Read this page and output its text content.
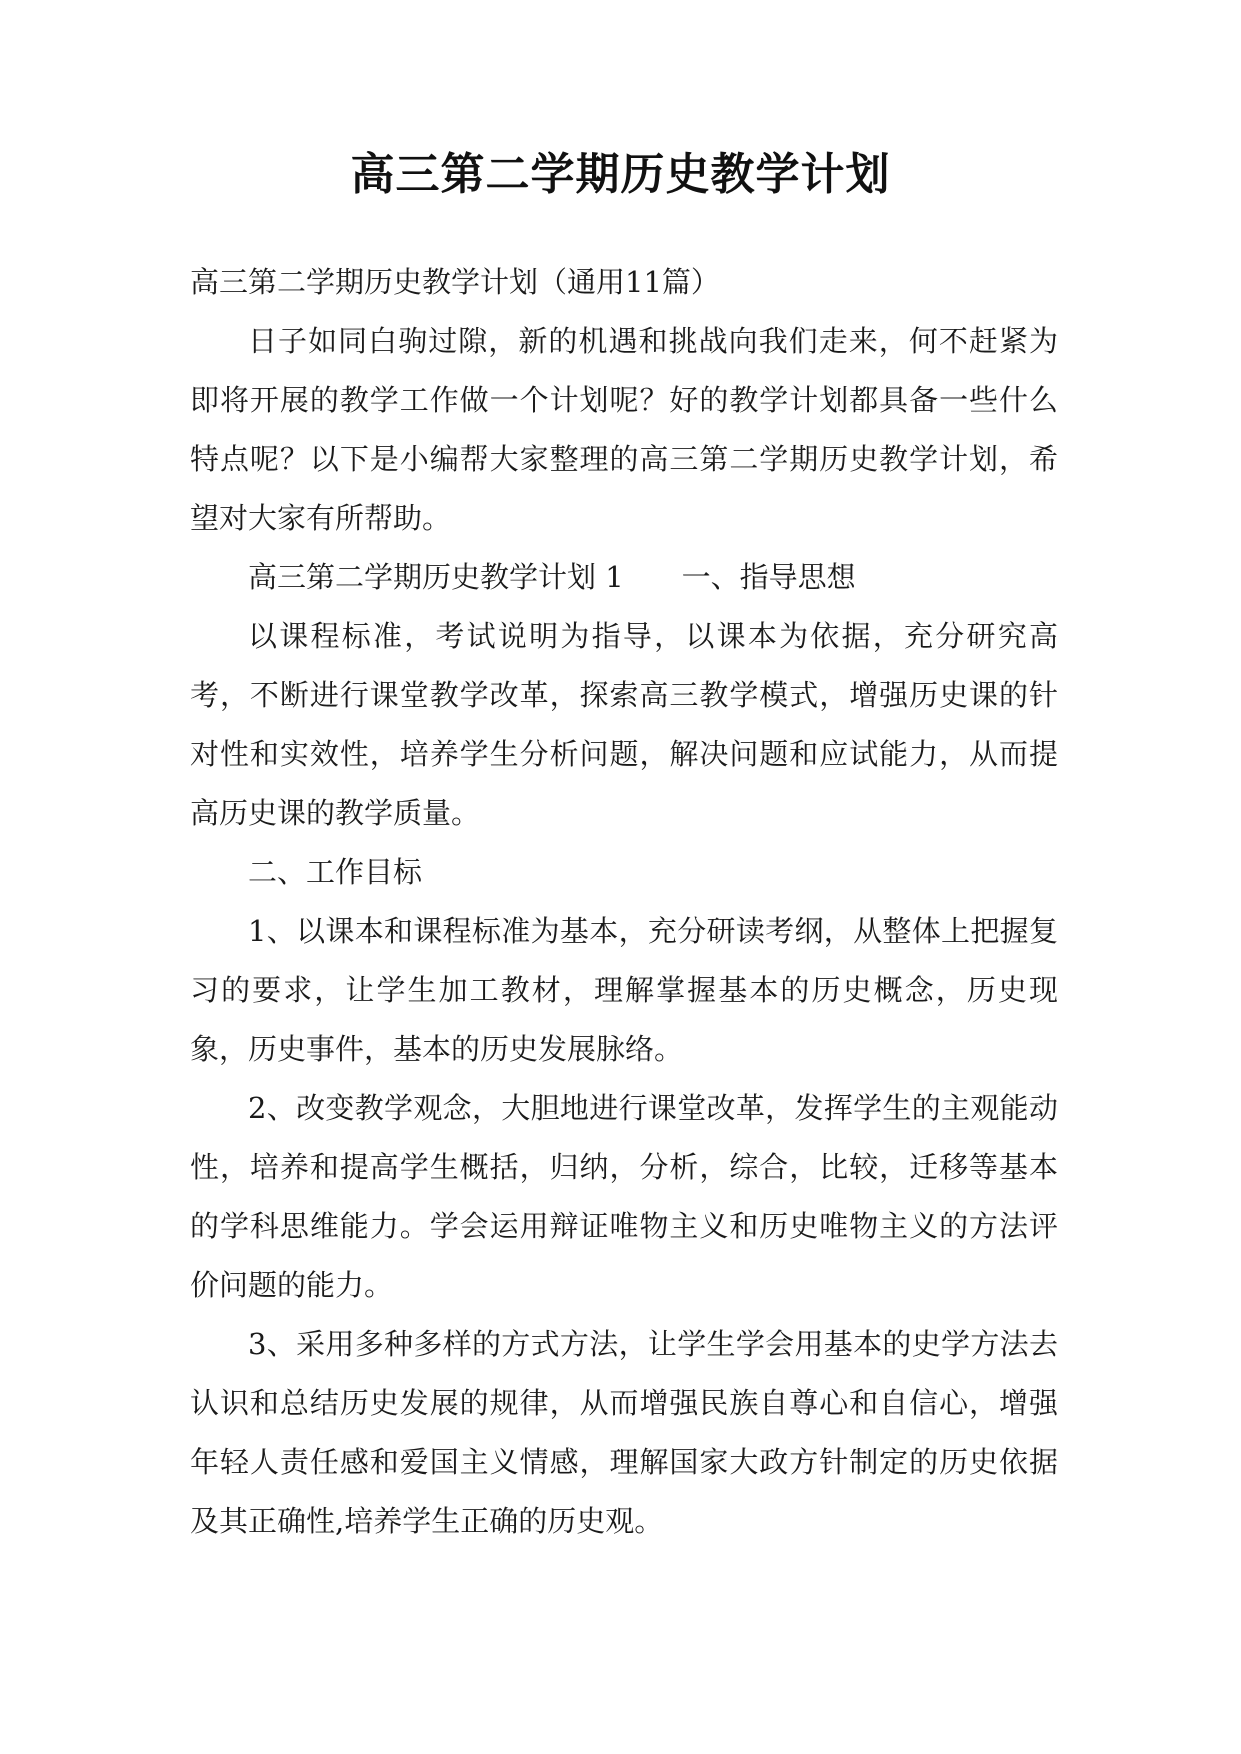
高三第二学期历史教学计划

高三第二学期历史教学计划（通用11篇）

日子如同白驹过隙，新的机遇和挑战向我们走来，何不赶紧为即将开展的教学工作做一个计划呢？好的教学计划都具备一些什么特点呢？以下是小编帮大家整理的高三第二学期历史教学计划，希望对大家有所帮助。

高三第二学期历史教学计划 1　　一、指导思想

以课程标准，考试说明为指导，以课本为依据，充分研究高考，不断进行课堂教学改革，探索高三教学模式，增强历史课的针对性和实效性，培养学生分析问题，解决问题和应试能力，从而提高历史课的教学质量。

二、工作目标

1、以课本和课程标准为基本，充分研读考纲，从整体上把握复习的要求，让学生加工教材，理解掌握基本的历史概念，历史现象，历史事件，基本的历史发展脉络。

2、改变教学观念，大胆地进行课堂改革，发挥学生的主观能动性，培养和提高学生概括，归纳，分析，综合，比较，迁移等基本的学科思维能力。学会运用辩证唯物主义和历史唯物主义的方法评价问题的能力。

3、采用多种多样的方式方法，让学生学会用基本的史学方法去认识和总结历史发展的规律，从而增强民族自尊心和自信心，增强年轻人责任感和爱国主义情感，理解国家大政方针制定的历史依据及其正确性,培养学生正确的历史观。
